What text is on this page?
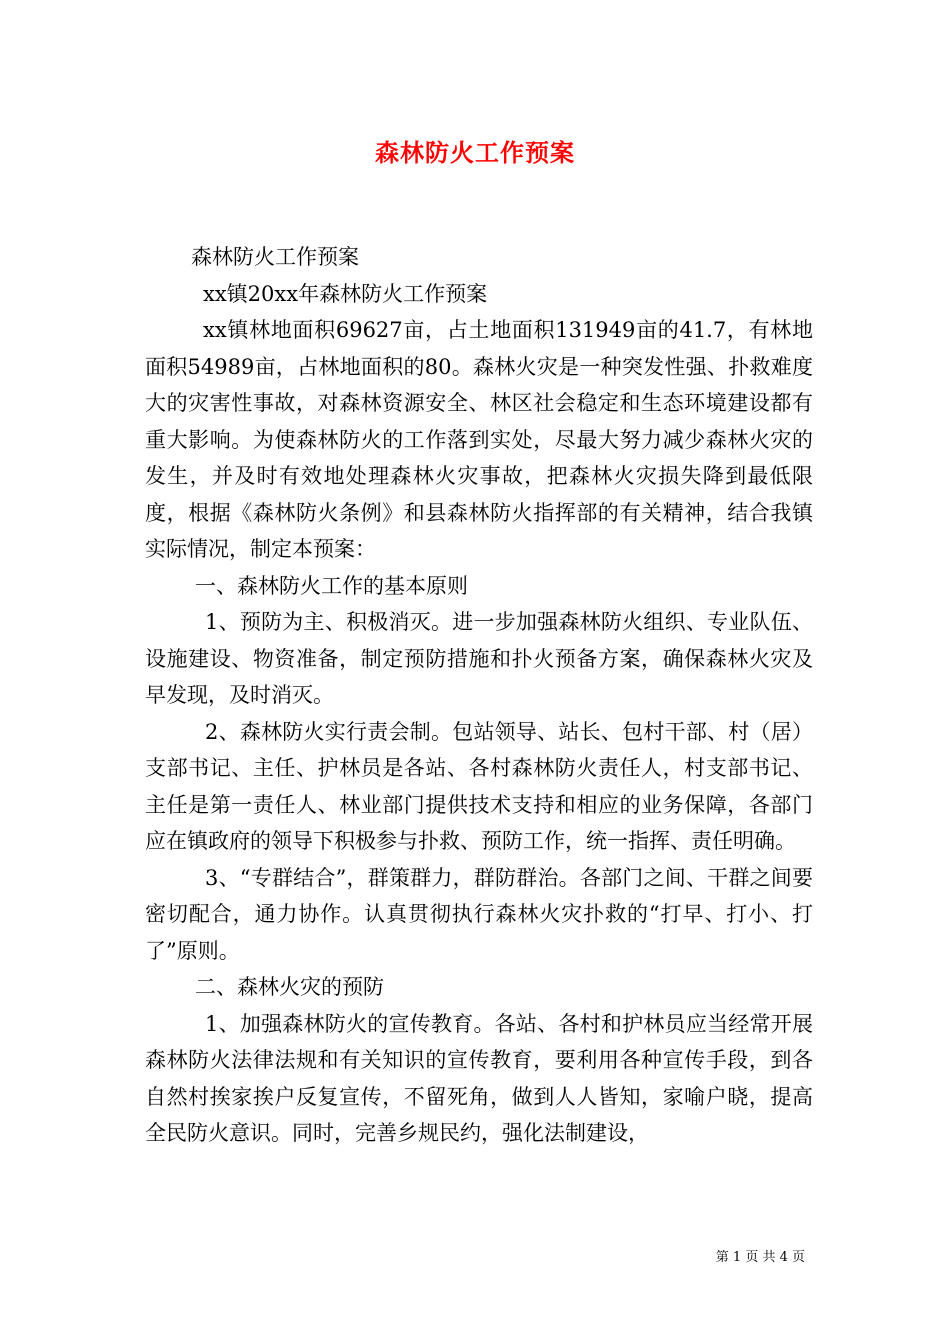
森林防火工作预案

森林防火工作预案

xx镇20xx年森林防火工作预案

xx镇林地面积69627亩，占土地面积131949亩的41.7，有林地面积54989亩，占林地面积的80。森林火灾是一种突发性强、扑救难度大的灾害性事故，对森林资源安全、林区社会稳定和生态环境建设都有重大影响。为使森林防火的工作落到实处，尽最大努力减少森林火灾的发生，并及时有效地处理森林火灾事故，把森林火灾损失降到最低限度，根据《森林防火条例》和县森林防火指挥部的有关精神，结合我镇实际情况，制定本预案：

一、森林防火工作的基本原则

1、预防为主、积极消灭。进一步加强森林防火组织、专业队伍、设施建设、物资准备，制定预防措施和扑火预备方案，确保森林火灾及早发现，及时消灭。

2、森林防火实行责会制。包站领导、站长、包村干部、村（居）支部书记、主任、护林员是各站、各村森林防火责任人，村支部书记、主任是第一责任人、林业部门提供技术支持和相应的业务保障，各部门应在镇政府的领导下积极参与扑救、预防工作，统一指挥、责任明确。

3、“专群结合”，群策群力，群防群治。各部门之间、干群之间要密切配合，通力协作。认真贯彻执行森林火灾扑救的“打早、打小、打了”原则。

二、森林火灾的预防

1、加强森林防火的宣传教育。各站、各村和护林员应当经常开展森林防火法律法规和有关知识的宣传教育，要利用各种宣传手段，到各自然村挨家挨户反复宣传，不留死角，做到人人皆知，家喻户晓，提高全民防火意识。同时，完善乡规民约，强化法制建设，

第 1 页 共 4 页
